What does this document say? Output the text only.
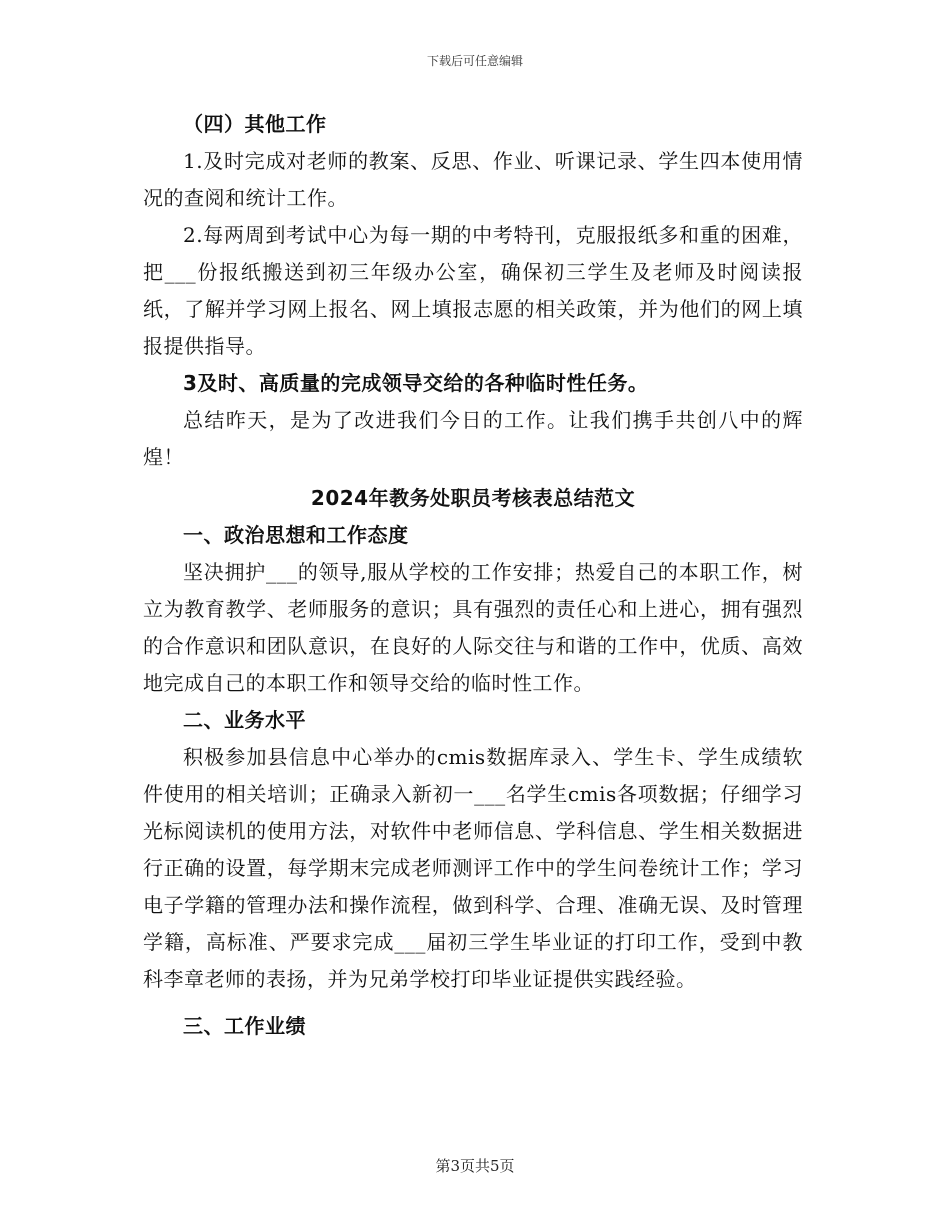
下载后可任意编辑

（四）其他工作

1.及时完成对老师的教案、反思、作业、听课记录、学生四本使用情况的查阅和统计工作。

2.每两周到考试中心为每一期的中考特刊，克服报纸多和重的困难，把___份报纸搬送到初三年级办公室，确保初三学生及老师及时阅读报纸，了解并学习网上报名、网上填报志愿的相关政策，并为他们的网上填报提供指导。

3及时、高质量的完成领导交给的各种临时性任务。

总结昨天，是为了改进我们今日的工作。让我们携手共创八中的辉煌！

2024年教务处职员考核表总结范文

一、政治思想和工作态度

坚决拥护___的领导,服从学校的工作安排；热爱自己的本职工作，树立为教育教学、老师服务的意识；具有强烈的责任心和上进心，拥有强烈的合作意识和团队意识，在良好的人际交往与和谐的工作中，优质、高效地完成自己的本职工作和领导交给的临时性工作。

二、业务水平

积极参加县信息中心举办的cmis数据库录入、学生卡、学生成绩软件使用的相关培训；正确录入新初一___名学生cmis各项数据；仔细学习光标阅读机的使用方法，对软件中老师信息、学科信息、学生相关数据进行正确的设置，每学期末完成老师测评工作中的学生问卷统计工作；学习电子学籍的管理办法和操作流程，做到科学、合理、准确无误、及时管理学籍，高标准、严要求完成___届初三学生毕业证的打印工作，受到中教科李章老师的表扬，并为兄弟学校打印毕业证提供实践经验。

三、工作业绩

第3页共5页
